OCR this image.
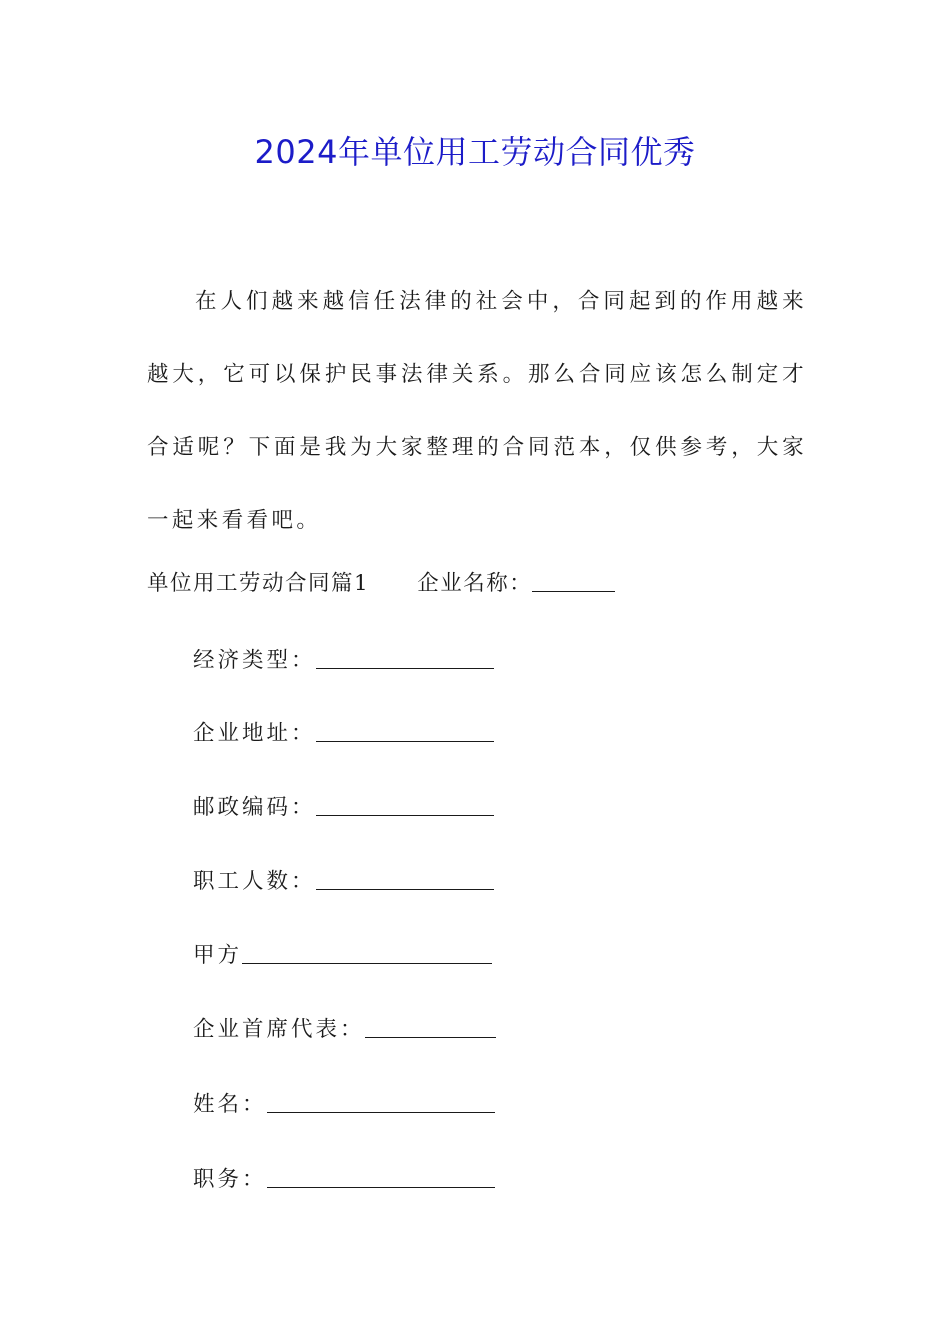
2024年单位用工劳动合同优秀

在人们越来越信任法律的社会中，合同起到的作用越来越大，它可以保护民事法律关系。那么合同应该怎么制定才合适呢？下面是我为大家整理的合同范本，仅供参考，大家一起来看看吧。

单位用工劳动合同篇1 企业名称：
经济类型：
企业地址：
邮政编码：
职工人数：
甲方
企业首席代表：
姓名：
职务：
